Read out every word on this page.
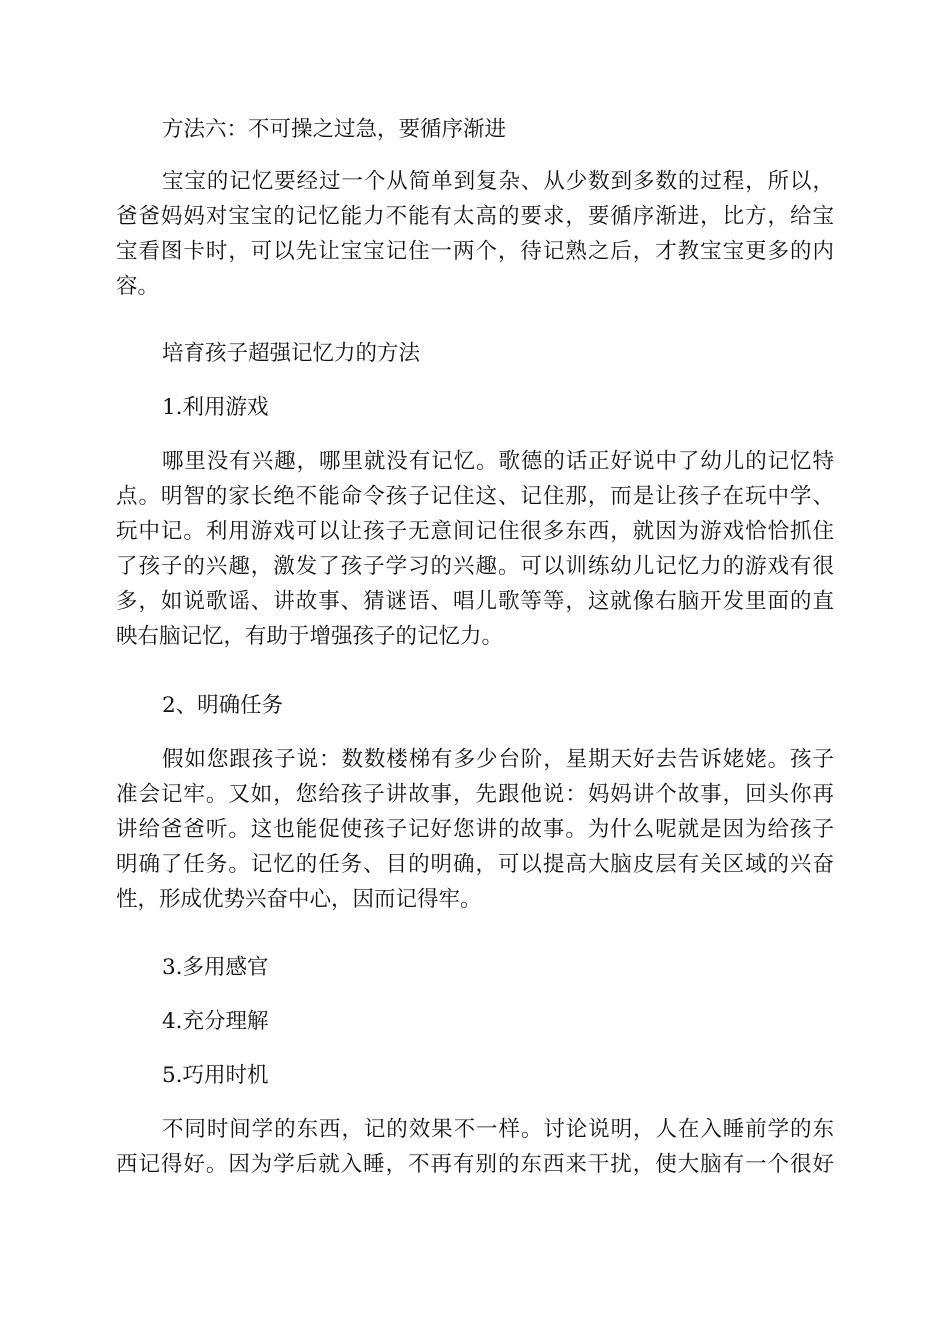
方法六：不可操之过急，要循序渐进

宝宝的记忆要经过一个从简单到复杂、从少数到多数的过程，所以，
爸爸妈妈对宝宝的记忆能力不能有太高的要求，要循序渐进，比方，给宝
宝看图卡时，可以先让宝宝记住一两个，待记熟之后，才教宝宝更多的内
容。

培育孩子超强记忆力的方法

1.利用游戏

哪里没有兴趣，哪里就没有记忆。歌德的话正好说中了幼儿的记忆特
点。明智的家长绝不能命令孩子记住这、记住那，而是让孩子在玩中学、
玩中记。利用游戏可以让孩子无意间记住很多东西，就因为游戏恰恰抓住
了孩子的兴趣，激发了孩子学习的兴趣。可以训练幼儿记忆力的游戏有很
多，如说歌谣、讲故事、猜谜语、唱儿歌等等，这就像右脑开发里面的直
映右脑记忆，有助于增强孩子的记忆力。

2、明确任务

假如您跟孩子说：数数楼梯有多少台阶，星期天好去告诉姥姥。孩子
准会记牢。又如，您给孩子讲故事，先跟他说：妈妈讲个故事，回头你再
讲给爸爸听。这也能促使孩子记好您讲的故事。为什么呢就是因为给孩子
明确了任务。记忆的任务、目的明确，可以提高大脑皮层有关区域的兴奋
性，形成优势兴奋中心，因而记得牢。

3.多用感官

4.充分理解

5.巧用时机

不同时间学的东西，记的效果不一样。讨论说明，人在入睡前学的东
西记得好。因为学后就入睡，不再有别的东西来干扰，使大脑有一个很好
